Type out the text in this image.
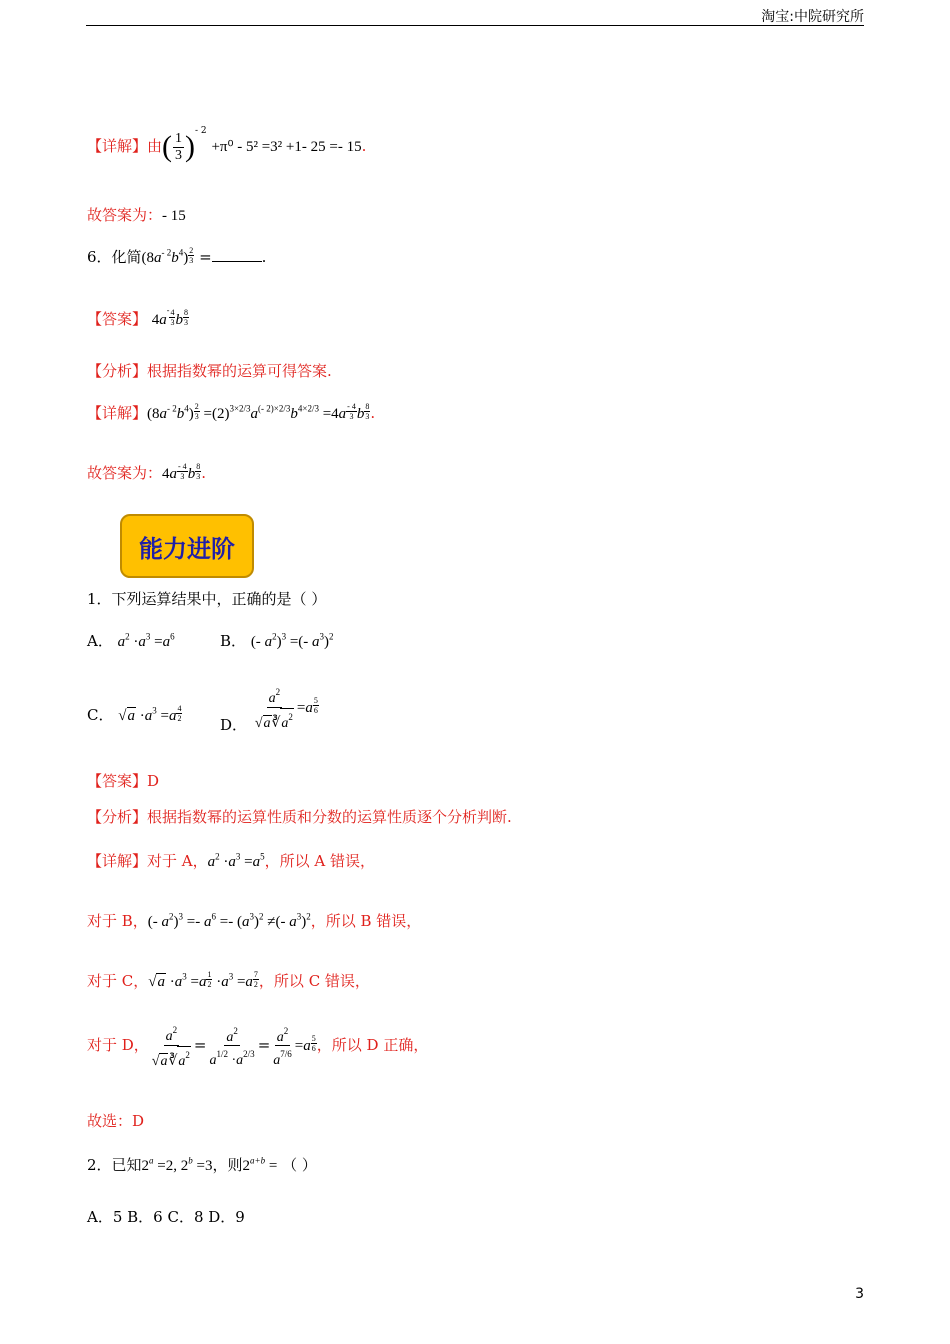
淘宝:中院研究所
【详解】由( $\frac{1}{3} )^{- 2} +\pi^0 - 5^2 =3^2 +1-$ 25 =- 15.
故答案为：- 15
6．化简$(8a^{- 2}b^4) \frac{2}{3}$ =	.
【答案】 4a
- $\frac{4}{3}$ b $\frac{8}{3}$
【分析】根据指数幂的运算可得答案.
【详解】$(8a^{- 2}b^4) \frac{2}{3} =(2)^{3\times 2/3}a^{(- 2)\times 2/3}b^{4\times 2/3} =4a \frac{- 4}{3}$ b $\frac{8}{3}$ .
故答案为：$4a \frac{- 4}{3}$ b $\frac{8}{3}$ .
能力进阶
1．下列运算结果中，正确的是（ ）
A． $a^2 \cdot a^3 =a^6$	B． (- $a^2)^3$ =(- $a^3)^2$
C． $√a \cdot a^3 =a \frac{4}{2}$
D． $\frac{a^2}{√a∛a^2} =a \frac{5}{6}$
【答案】D
【分析】根据指数幂的运算性质和分数的运算性质逐个分析判断.
【详解】对于 A，$a^2 \cdot a^3 =a^5$，所以 A 错误，
对于 B，(- $a^2)^3 =- a^6 =- (a^3)^2$ ≠(- $a^3)^2$，所以 B 错误，
对于 C，$√a \cdot a^3 =a \frac{1}{2} \cdot a^3 =a \frac{7}{2}$ ，所以 C 错误，
对于 D， $\frac{a^2}{√a∛a^2} = \frac{a^2}{a^{1/2} \cdot a^{2/3}} = \frac{a^2}{a^{7/6}} =a \frac{5}{6}$ ，所以 D 正确，
故选：D
2．已知$2^a =2$, $2^b =3$，则$2^{a+b}$ = （ ）
A．5 B．6 C．8 D．9
3
